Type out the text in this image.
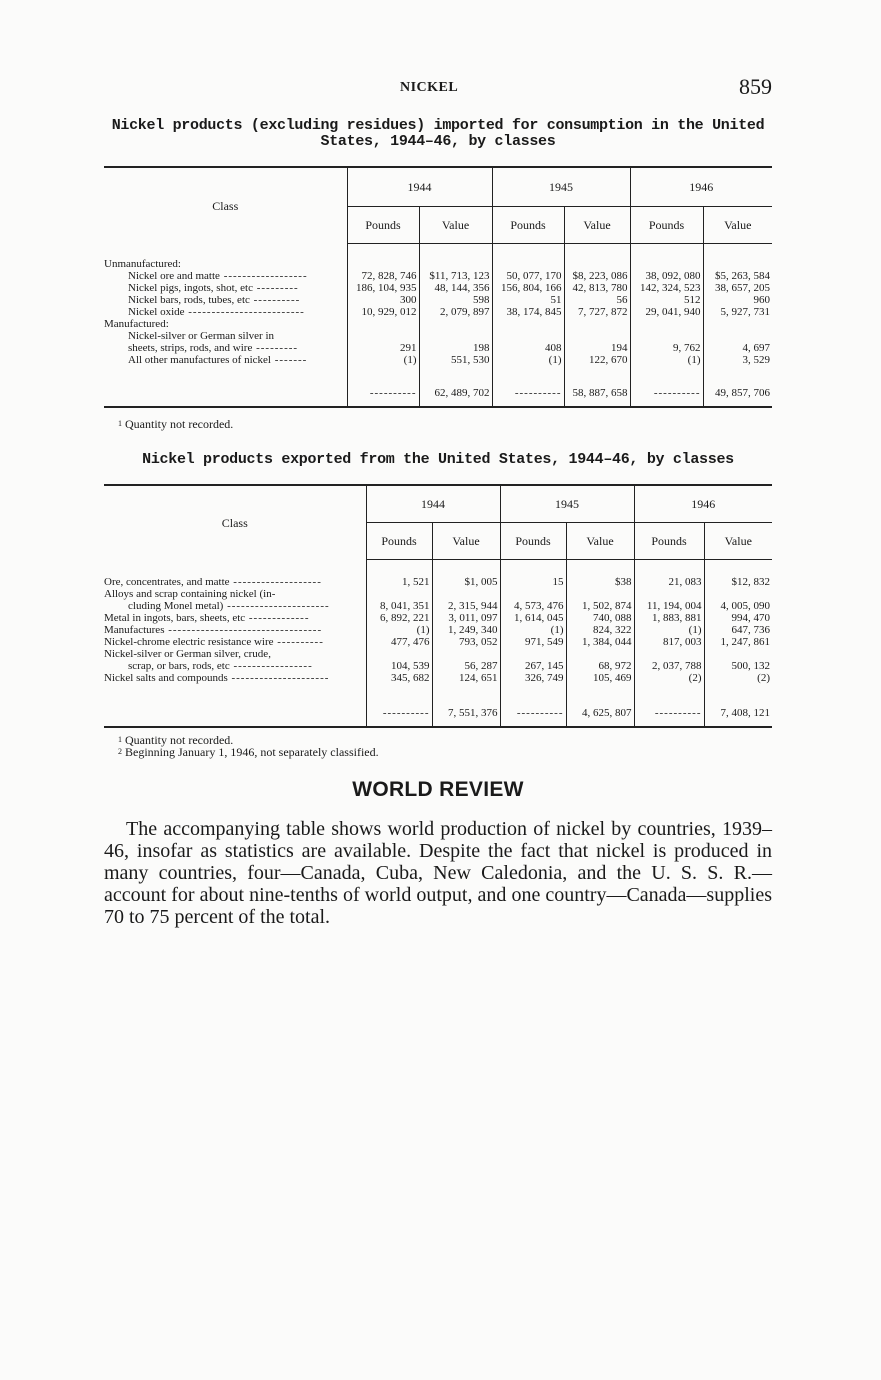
NICKEL	859
Nickel products (excluding residues) imported for consumption in the United
States, 1944–46, by classes
Class	1944		1945		1946	
	Pounds	Value	Pounds	Value	Pounds	Value

Unmanufactured:						
Nickel ore and matte ------------------	72, 828, 746	$11, 713, 123	50, 077, 170	$8, 223, 086	38, 092, 080	$5, 263, 584
Nickel pigs, ingots, shot, etc ---------	186, 104, 935	48, 144, 356	156, 804, 166	42, 813, 780	142, 324, 523	38, 657, 205
Nickel bars, rods, tubes, etc ----------	300	598	51	56	512	960
Nickel oxide -------------------------	10, 929, 012	2, 079, 897	38, 174, 845	7, 727, 872	29, 041, 940	5, 927, 731
Manufactured:						
Nickel-silver or German silver in						
sheets, strips, rods, and wire ---------	291	198	408	194	9, 762	4, 697
All other manufactures of nickel -------	(1)	551, 530	(1)	122, 670	(1)	3, 529

	----------	62, 489, 702	----------	58, 887, 658	----------	49, 857, 706
$^1$ Quantity not recorded.
Nickel products exported from the United States, 1944–46, by classes
Class	1944		1945		1946	
	Pounds	Value	Pounds	Value	Pounds	Value

Ore, concentrates, and matte -------------------	1, 521	$1, 005	15	$38	21, 083	$12, 832
Alloys and scrap containing nickel (in-						
cluding Monel metal) ----------------------	8, 041, 351	2, 315, 944	4, 573, 476	1, 502, 874	11, 194, 004	4, 005, 090
Metal in ingots, bars, sheets, etc -------------	6, 892, 221	3, 011, 097	1, 614, 045	740, 088	1, 883, 881	994, 470
Manufactures ---------------------------------	(1)	1, 249, 340	(1)	824, 322	(1)	647, 736
Nickel-chrome electric resistance wire ----------	477, 476	793, 052	971, 549	1, 384, 044	817, 003	1, 247, 861
Nickel-silver or German silver, crude,						
scrap, or bars, rods, etc -----------------	104, 539	56, 287	267, 145	68, 972	2, 037, 788	500, 132
Nickel salts and compounds ---------------------	345, 682	124, 651	326, 749	105, 469	(2)	(2)

	----------	7, 551, 376	----------	4, 625, 807	----------	7, 408, 121
$^1$ Quantity not recorded.
$^2$ Beginning January 1, 1946, not separately classified.
WORLD REVIEW

The accompanying table shows world production of nickel by countries, 1939–46, insofar as statistics are available. Despite the fact that nickel is produced in many countries, four—Canada, Cuba, New Caledonia, and the U. S. S. R.—account for about nine-tenths of world output, and one country—Canada—supplies 70 to 75 percent of the total.
